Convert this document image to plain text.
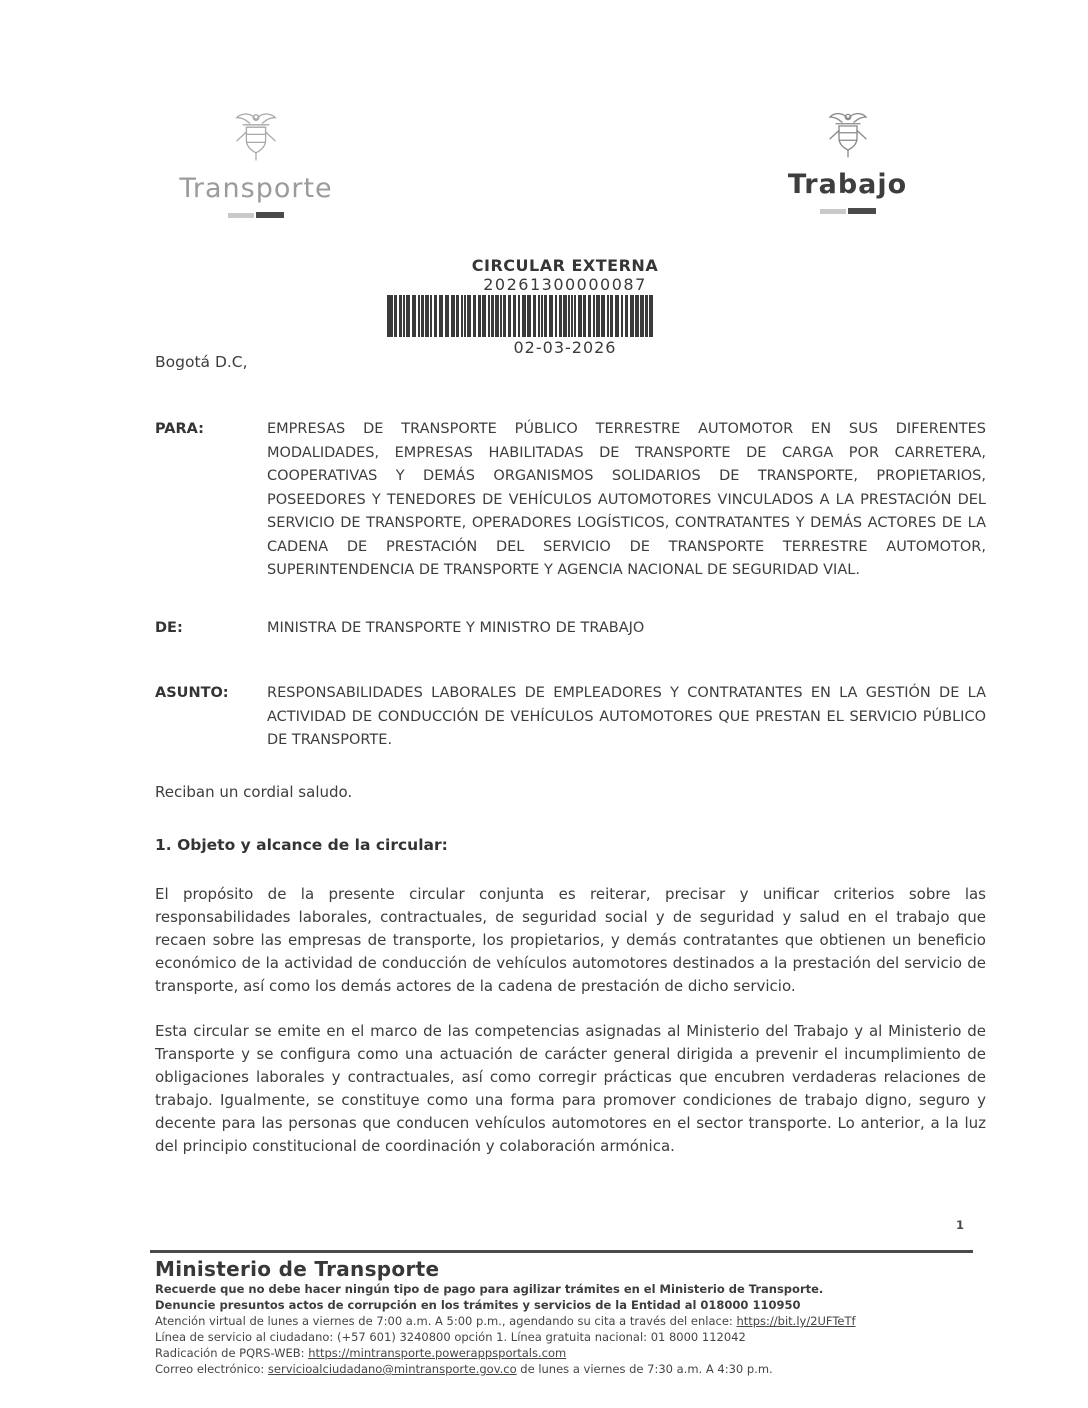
Transporte	Trabajo
CIRCULAR EXTERNA
20261300000087
02-03-2026
Bogotá D.C,
PARA:	EMPRESAS DE TRANSPORTE PÚBLICO TERRESTRE AUTOMOTOR EN SUS DIFERENTES MODALIDADES, EMPRESAS HABILITADAS DE TRANSPORTE DE CARGA POR CARRETERA, COOPERATIVAS Y DEMÁS ORGANISMOS SOLIDARIOS DE TRANSPORTE, PROPIETARIOS, POSEEDORES Y TENEDORES DE VEHÍCULOS AUTOMOTORES VINCULADOS A LA PRESTACIÓN DEL SERVICIO DE TRANSPORTE, OPERADORES LOGÍSTICOS, CONTRATANTES Y DEMÁS ACTORES DE LA CADENA DE PRESTACIÓN DEL SERVICIO DE TRANSPORTE TERRESTRE AUTOMOTOR, SUPERINTENDENCIA DE TRANSPORTE Y AGENCIA NACIONAL DE SEGURIDAD VIAL.
DE:	MINISTRA DE TRANSPORTE Y MINISTRO DE TRABAJO
ASUNTO:	RESPONSABILIDADES LABORALES DE EMPLEADORES Y CONTRATANTES EN LA GESTIÓN DE LA ACTIVIDAD DE CONDUCCIÓN DE VEHÍCULOS AUTOMOTORES QUE PRESTAN EL SERVICIO PÚBLICO DE TRANSPORTE.
Reciban un cordial saludo.
1. Objeto y alcance de la circular:
El propósito de la presente circular conjunta es reiterar, precisar y unificar criterios sobre las responsabilidades laborales, contractuales, de seguridad social y de seguridad y salud en el trabajo que recaen sobre las empresas de transporte, los propietarios, y demás contratantes que obtienen un beneficio económico de la actividad de conducción de vehículos automotores destinados a la prestación del servicio de transporte, así como los demás actores de la cadena de prestación de dicho servicio.
Esta circular se emite en el marco de las competencias asignadas al Ministerio del Trabajo y al Ministerio de Transporte y se configura como una actuación de carácter general dirigida a prevenir el incumplimiento de obligaciones laborales y contractuales, así como corregir prácticas que encubren verdaderas relaciones de trabajo. Igualmente, se constituye como una forma para promover condiciones de trabajo digno, seguro y decente para las personas que conducen vehículos automotores en el sector transporte. Lo anterior, a la luz del principio constitucional de coordinación y colaboración armónica.
1
Ministerio de Transporte
Recuerde que no debe hacer ningún tipo de pago para agilizar trámites en el Ministerio de Transporte.
Denuncie presuntos actos de corrupción en los trámites y servicios de la Entidad al 018000 110950
Atención virtual de lunes a viernes de 7:00 a.m. A 5:00 p.m., agendando su cita a través del enlace: https://bit.ly/2UFTeTf
Línea de servicio al ciudadano: (+57 601) 3240800 opción 1. Línea gratuita nacional: 01 8000 112042
Radicación de PQRS-WEB: https://mintransporte.powerappsportals.com
Correo electrónico: servicioalciudadano@mintransporte.gov.co de lunes a viernes de 7:30 a.m. A 4:30 p.m.
